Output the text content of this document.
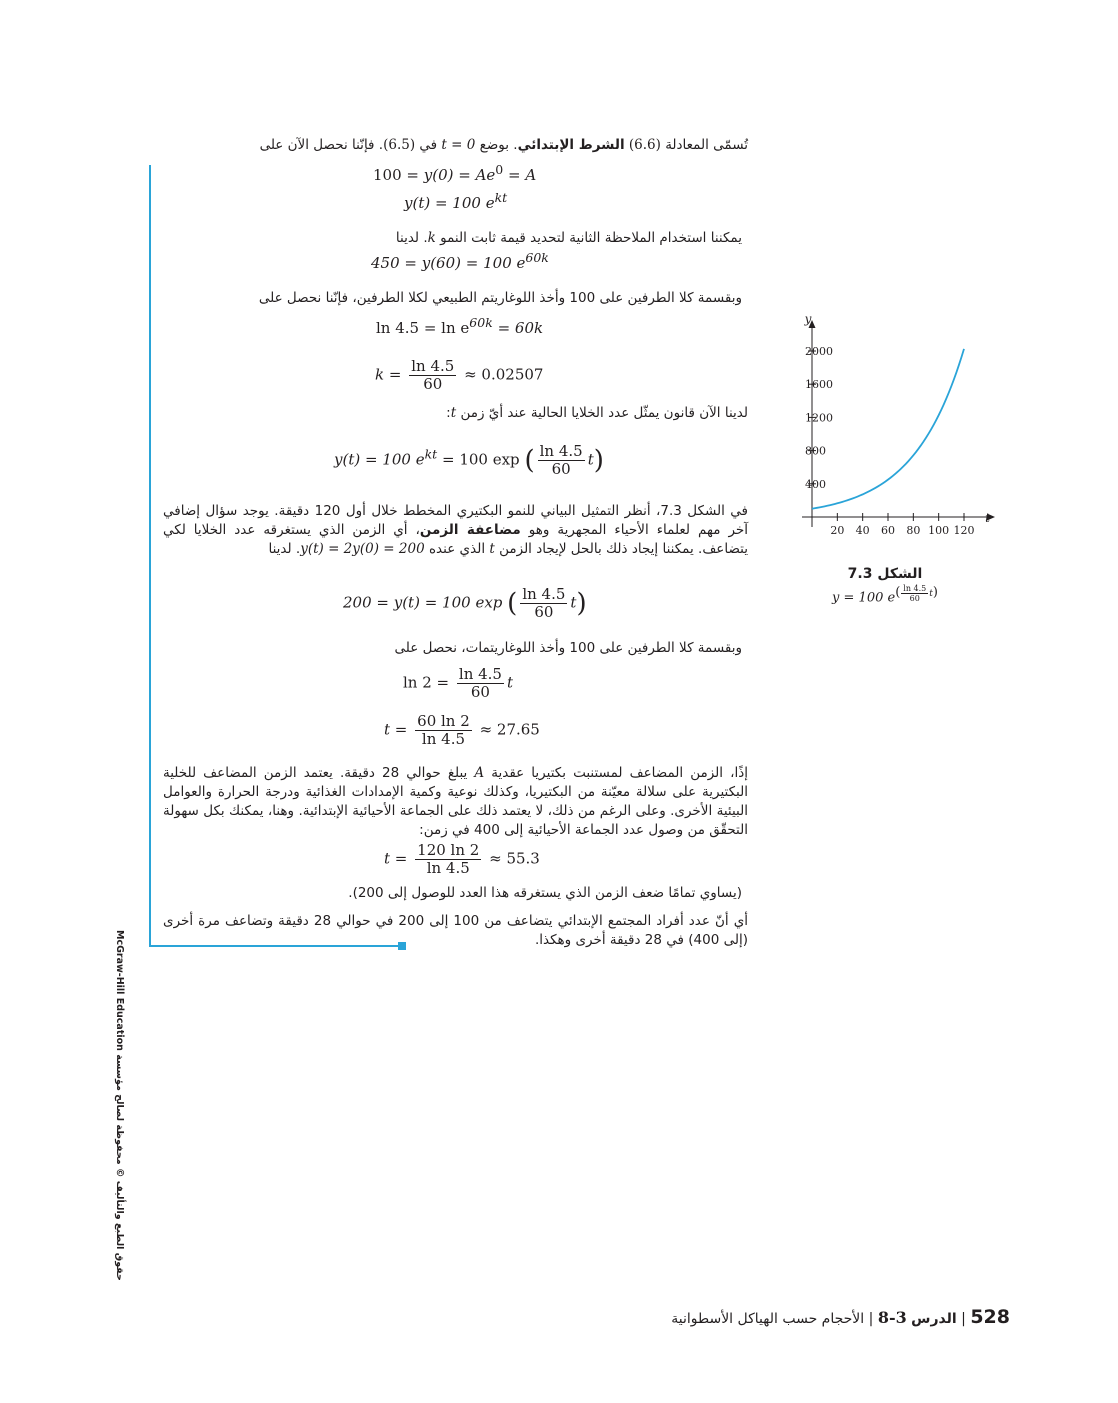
تُسمّى المعادلة (6.6) الشرط الإبتدائي. بوضع t = 0 في (6.5). فإنّنا نحصل الآن على
$100 = y(0) = Ae^0 = A$
y(t) = 100 $e^{kt}$
يمكننا استخدام الملاحظة الثانية لتحديد قيمة ثابت النمو k. لدينا
450 = y(60) = 100 $e^{60k}$
وبقسمة كلا الطرفين على 100 وأخذ اللوغاريتم الطبيعي لكلا الطرفين، فإنّنا نحصل على
$\ln 4.5 = \ln e^{60k} = 60k$
$k = \frac{\ln 4.5}{60} \approx 0.02507$
لدينا الآن قانون يمثّل عدد الخلايا الحالية عند أيّ زمن t:
y(t) = 100 $e^{kt} = 100$ exp ( $\frac{\ln 4.5}{60} t$)
في الشكل 7.3، أنظر التمثيل البياني للنمو البكتيري المخطط خلال أول 120 دقيقة. يوجد سؤال إضافي آخر مهم لعلماء الأحياء المجهرية وهو مضاعفة الزمن، أي الزمن الذي يستغرقه عدد الخلايا لكي يتضاعف. يمكننا إيجاد ذلك بالحل لإيجاد الزمن t الذي عنده y(t) = 2y(0) = 200. لدينا
200 = y(t) = 100 exp ( $\frac{\ln 4.5}{60} t$)
وبقسمة كلا الطرفين على 100 وأخذ اللوغاريتمات، نحصل على
$\ln 2 = \frac{\ln 4.5}{60}$ t
$t = \frac{60 \ln 2}{\ln 4.5} \approx 27.65$
إذًا، الزمن المضاعف لمستنبت بكتيريا عقدية A يبلغ حوالي 28 دقيقة. يعتمد الزمن المضاعف للخلية البكتيرية على سلالة معيّنة من البكتيريا، وكذلك نوعية وكمية الإمدادات الغذائية ودرجة الحرارة والعوامل البيئية الأخرى. وعلى الرغم من ذلك، لا يعتمد ذلك على الجماعة الأحيائية الإبتدائية. وهنا، يمكنك بكل سهولة التحقّق من وصول عدد الجماعة الأحيائية إلى 400 في زمن:
$t = \frac{120 \ln 2}{\ln 4.5} \approx 55.3$
(يساوي تمامًا ضعف الزمن الذي يستغرقه هذا العدد للوصول إلى 200).
أي أنّ عدد أفراد المجتمع الإبتدائي يتضاعف من 100 إلى 200 في حوالي 28 دقيقة وتضاعف مرة أخرى (إلى 400) في 28 دقيقة أخرى وهكذا.
t
y
20 40 60 80 100 120
400
800
1200
1600
2000
الشكل 7.3
y = 100 $e^{( \frac{\ln 4.5}{60} t)}$
حقوق الطبع والتأليف © محفوظة لصالح مؤسسة McGraw-Hill Education
528 | الدرس 8-3 | الأحجام حسب الهياكل الأسطوانية
